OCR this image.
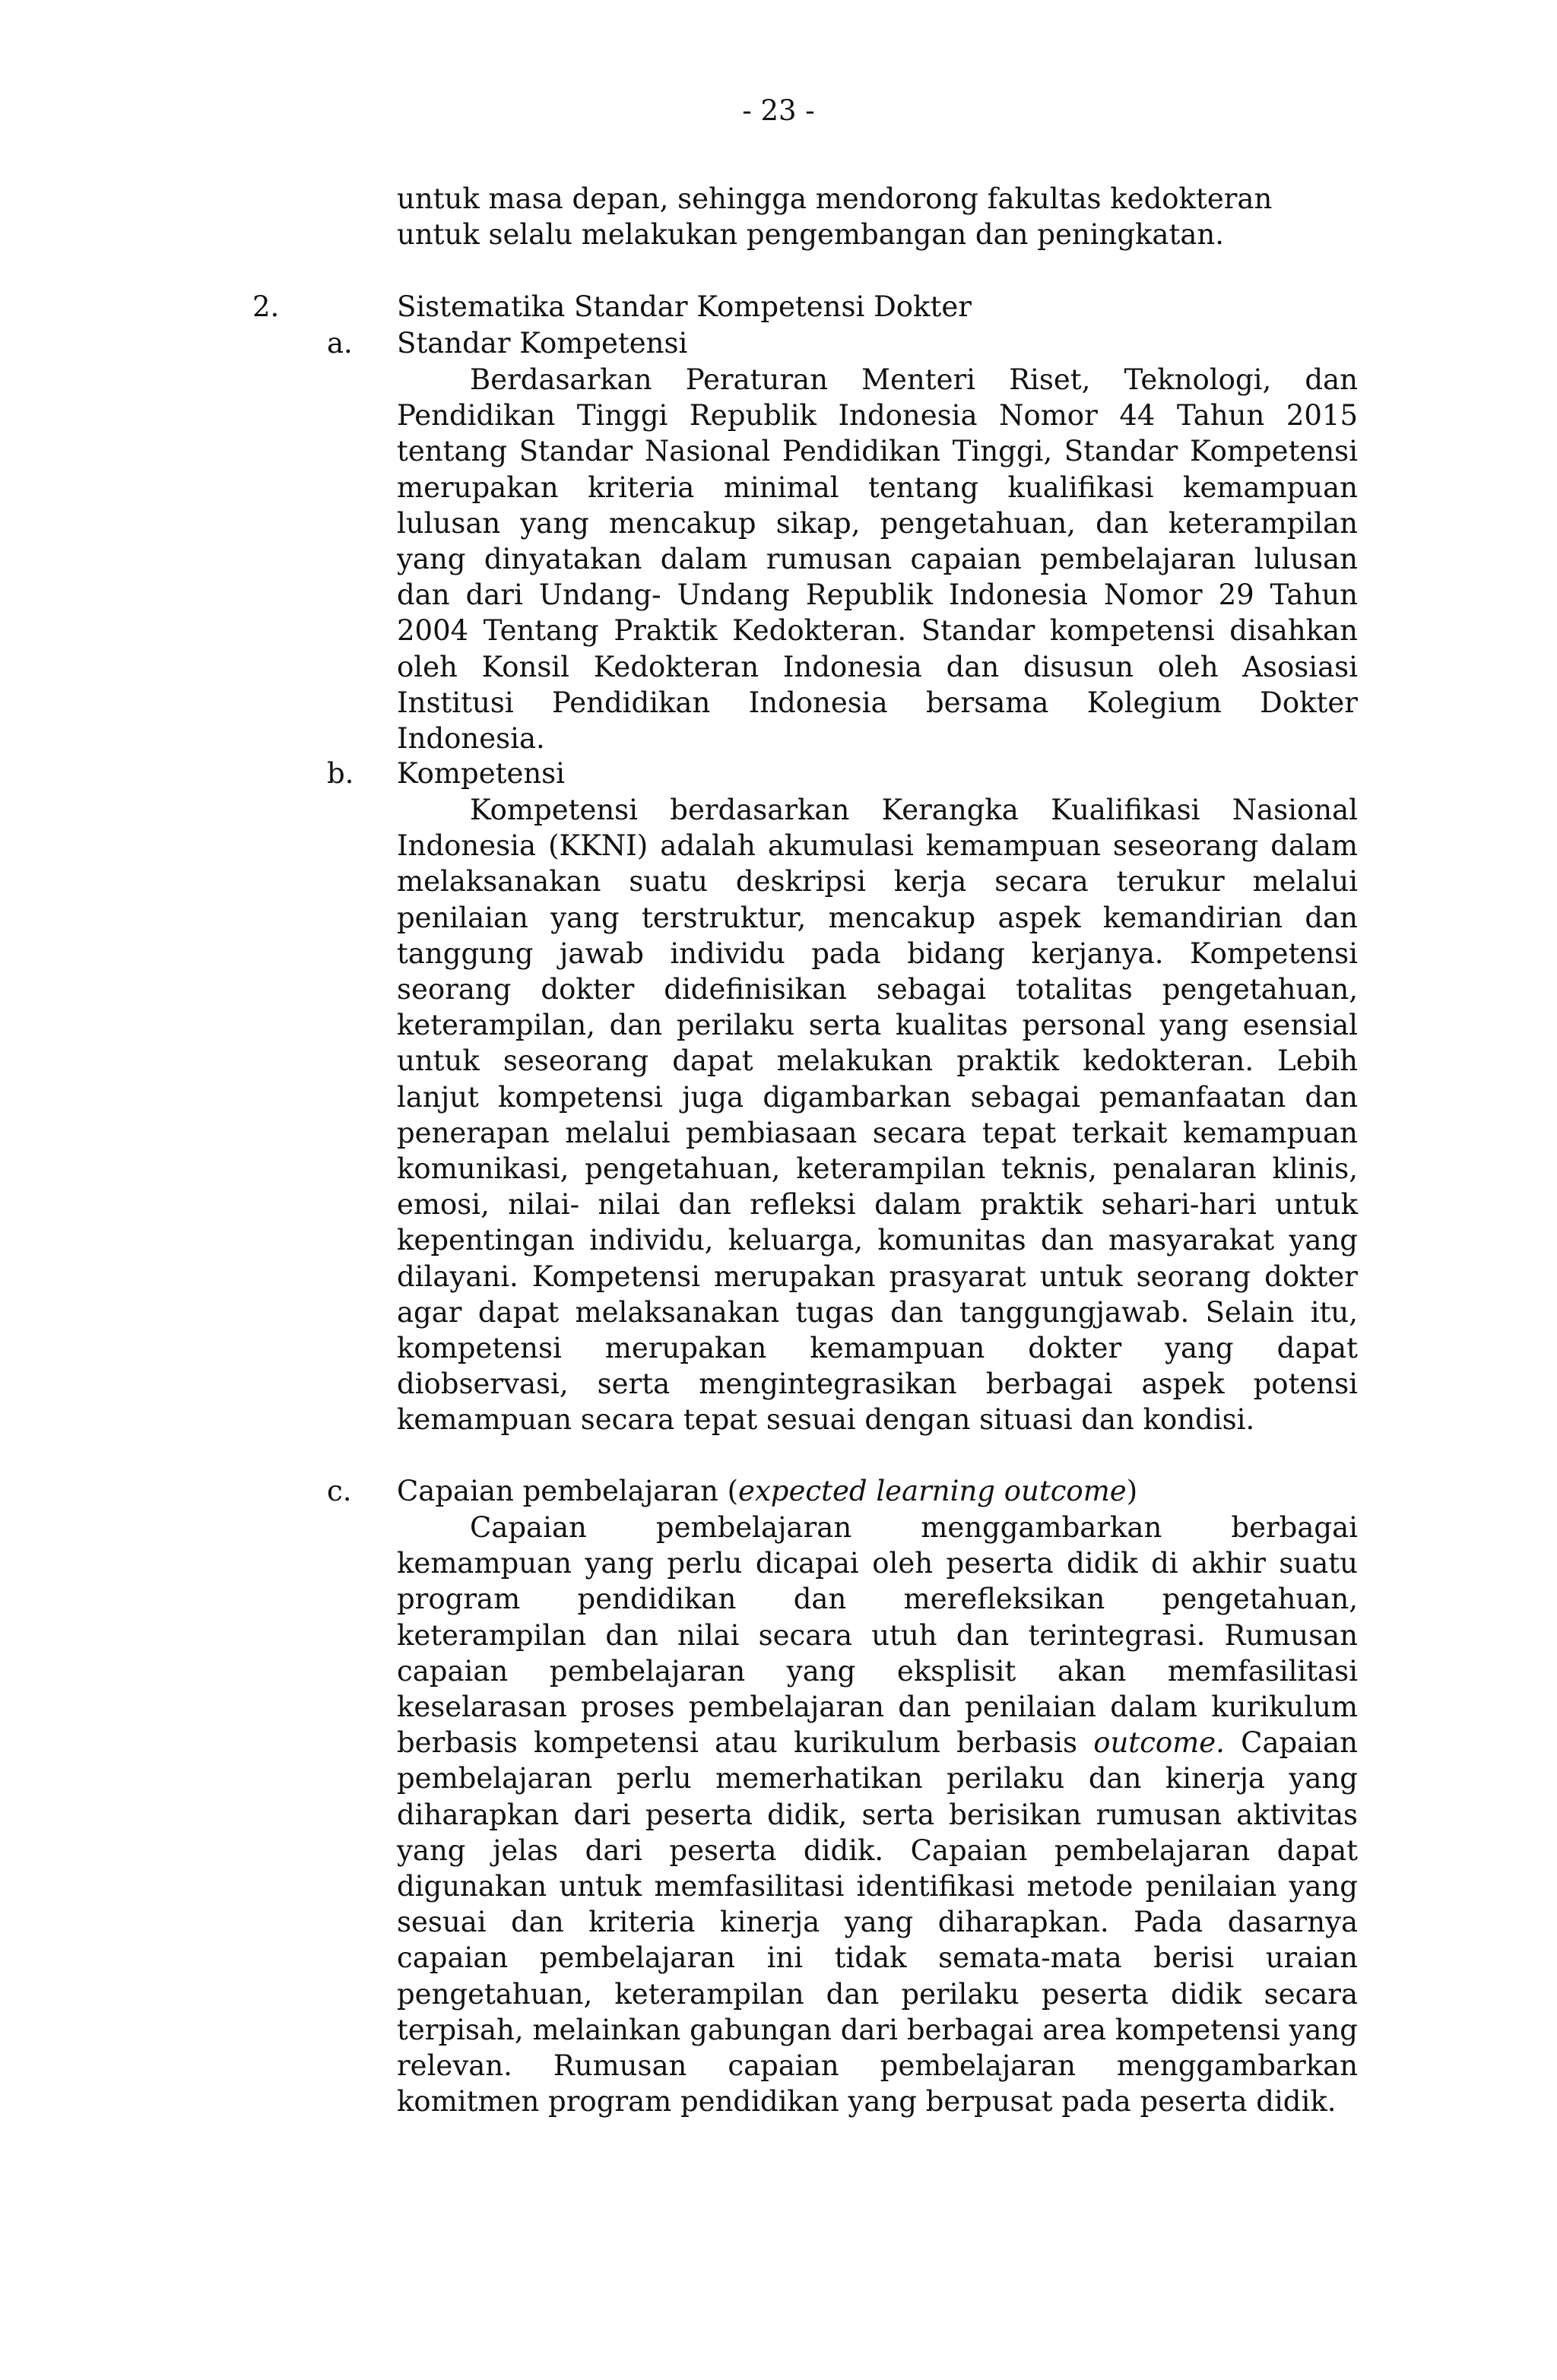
- 23 -
untuk masa depan, sehingga mendorong fakultas kedokteran untuk selalu melakukan pengembangan dan peningkatan.
2.	Sistematika Standar Kompetensi Dokter
a. Standar Kompetensi
Berdasarkan Peraturan Menteri Riset, Teknologi, dan Pendidikan Tinggi Republik Indonesia Nomor 44 Tahun 2015 tentang Standar Nasional Pendidikan Tinggi, Standar Kompetensi merupakan kriteria minimal tentang kualifikasi kemampuan lulusan yang mencakup sikap, pengetahuan, dan keterampilan yang dinyatakan dalam rumusan capaian pembelajaran lulusan dan dari Undang- Undang Republik Indonesia Nomor 29 Tahun 2004 Tentang Praktik Kedokteran. Standar kompetensi disahkan oleh Konsil Kedokteran Indonesia dan disusun oleh Asosiasi Institusi Pendidikan Indonesia bersama Kolegium Dokter Indonesia.
b. Kompetensi
Kompetensi berdasarkan Kerangka Kualifikasi Nasional Indonesia (KKNI) adalah akumulasi kemampuan seseorang dalam melaksanakan suatu deskripsi kerja secara terukur melalui penilaian yang terstruktur, mencakup aspek kemandirian dan tanggung jawab individu pada bidang kerjanya. Kompetensi seorang dokter didefinisikan sebagai totalitas pengetahuan, keterampilan, dan perilaku serta kualitas personal yang esensial untuk seseorang dapat melakukan praktik kedokteran. Lebih lanjut kompetensi juga digambarkan sebagai pemanfaatan dan penerapan melalui pembiasaan secara tepat terkait kemampuan komunikasi, pengetahuan, keterampilan teknis, penalaran klinis, emosi, nilai- nilai dan refleksi dalam praktik sehari-hari untuk kepentingan individu, keluarga, komunitas dan masyarakat yang dilayani. Kompetensi merupakan prasyarat untuk seorang dokter agar dapat melaksanakan tugas dan tanggungjawab. Selain itu, kompetensi merupakan kemampuan dokter yang dapat diobservasi, serta mengintegrasikan berbagai aspek potensi kemampuan secara tepat sesuai dengan situasi dan kondisi.
c. Capaian pembelajaran (expected learning outcome)
Capaian pembelajaran menggambarkan berbagai kemampuan yang perlu dicapai oleh peserta didik di akhir suatu program pendidikan dan merefleksikan pengetahuan, keterampilan dan nilai secara utuh dan terintegrasi. Rumusan capaian pembelajaran yang eksplisit akan memfasilitasi keselarasan proses pembelajaran dan penilaian dalam kurikulum berbasis kompetensi atau kurikulum berbasis outcome. Capaian pembelajaran perlu memerhatikan perilaku dan kinerja yang diharapkan dari peserta didik, serta berisikan rumusan aktivitas yang jelas dari peserta didik. Capaian pembelajaran dapat digunakan untuk memfasilitasi identifikasi metode penilaian yang sesuai dan kriteria kinerja yang diharapkan. Pada dasarnya capaian pembelajaran ini tidak semata-mata berisi uraian pengetahuan, keterampilan dan perilaku peserta didik secara terpisah, melainkan gabungan dari berbagai area kompetensi yang relevan. Rumusan capaian pembelajaran menggambarkan komitmen program pendidikan yang berpusat pada peserta didik.
